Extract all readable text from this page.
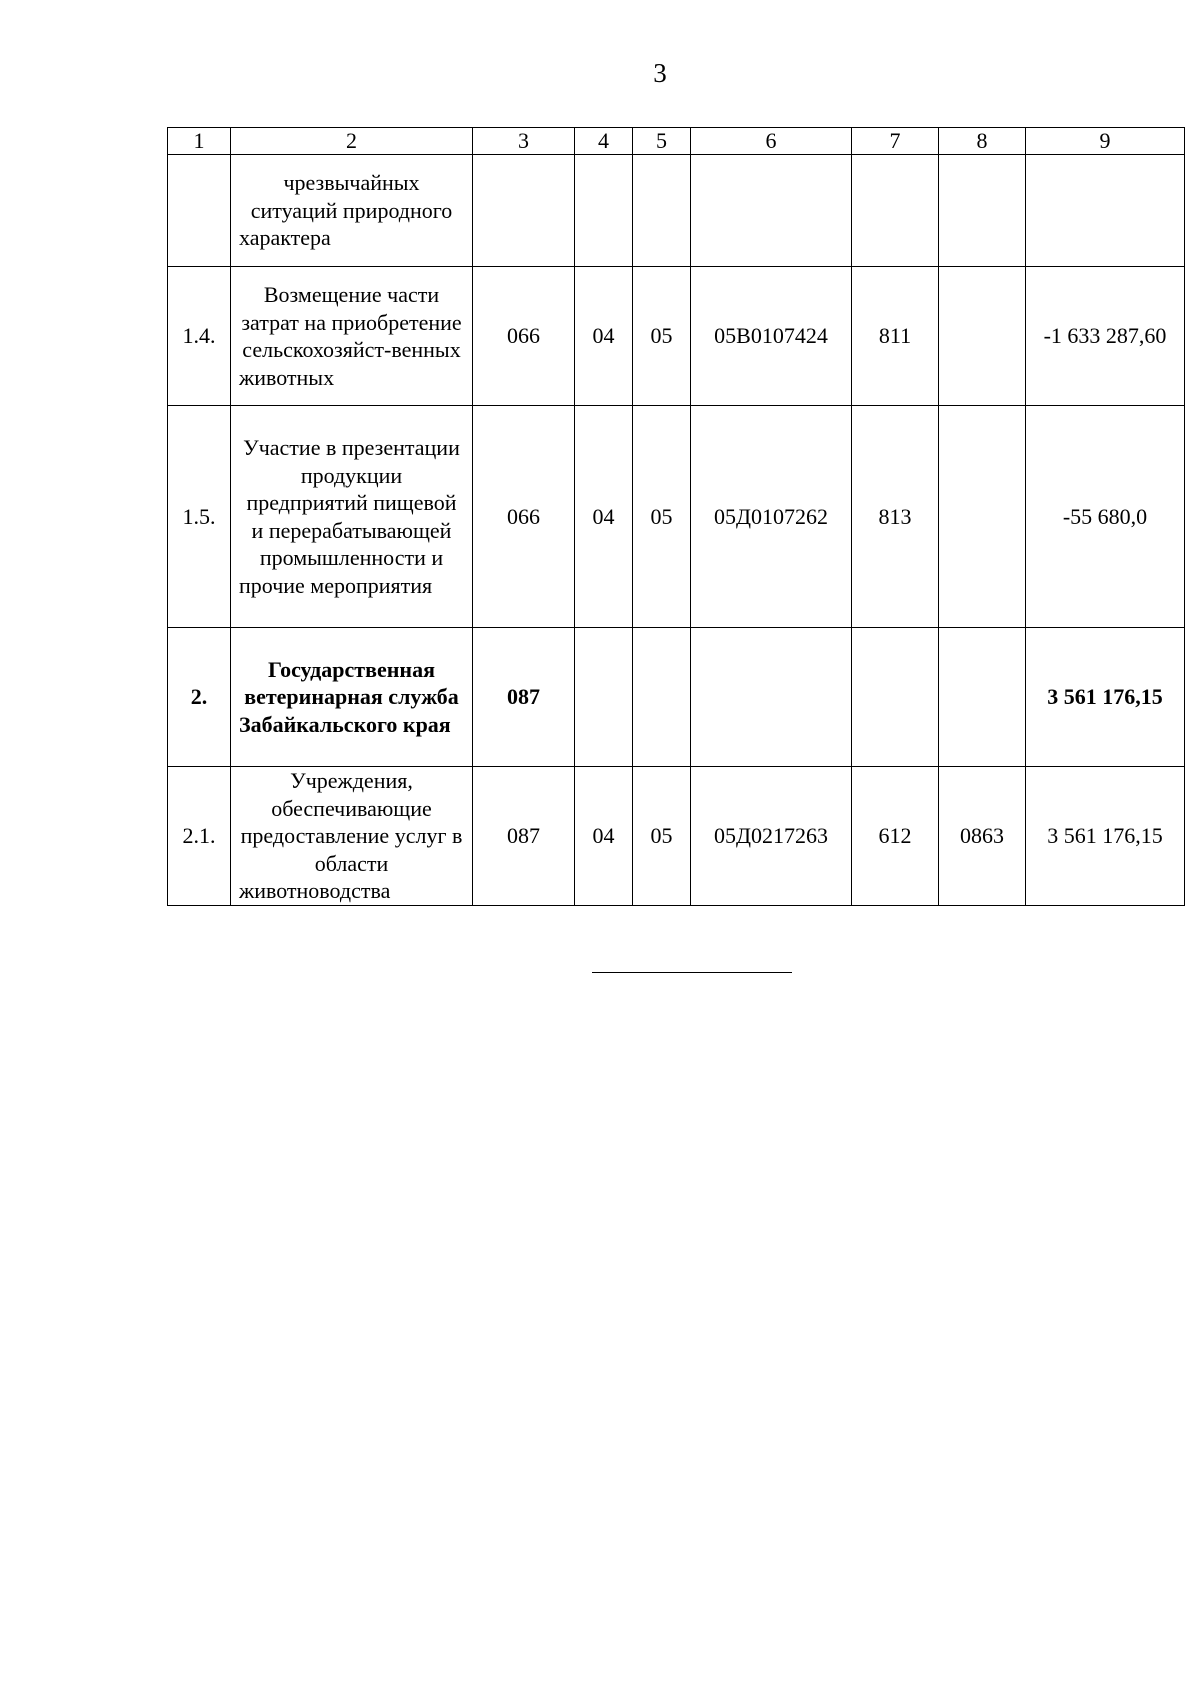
3
1	2	3	4	5	6	7	8	9
	чрезвычайных ситуаций природного характера							
1.4.	Возмещение части затрат на приобретение сельскохозяйст-венных животных	066	04	05	05В0107424	811		-1 633 287,60
1.5.	Участие в презентации продукции предприятий пищевой и перерабатывающей промышленности и прочие мероприятия	066	04	05	05Д0107262	813		-55 680,0
2.	Государственная ветеринарная служба Забайкальского края	087						3 561 176,15
2.1.	Учреждения, обеспечивающие предоставление услуг в области животноводства	087	04	05	05Д0217263	612	0863	3 561 176,15
